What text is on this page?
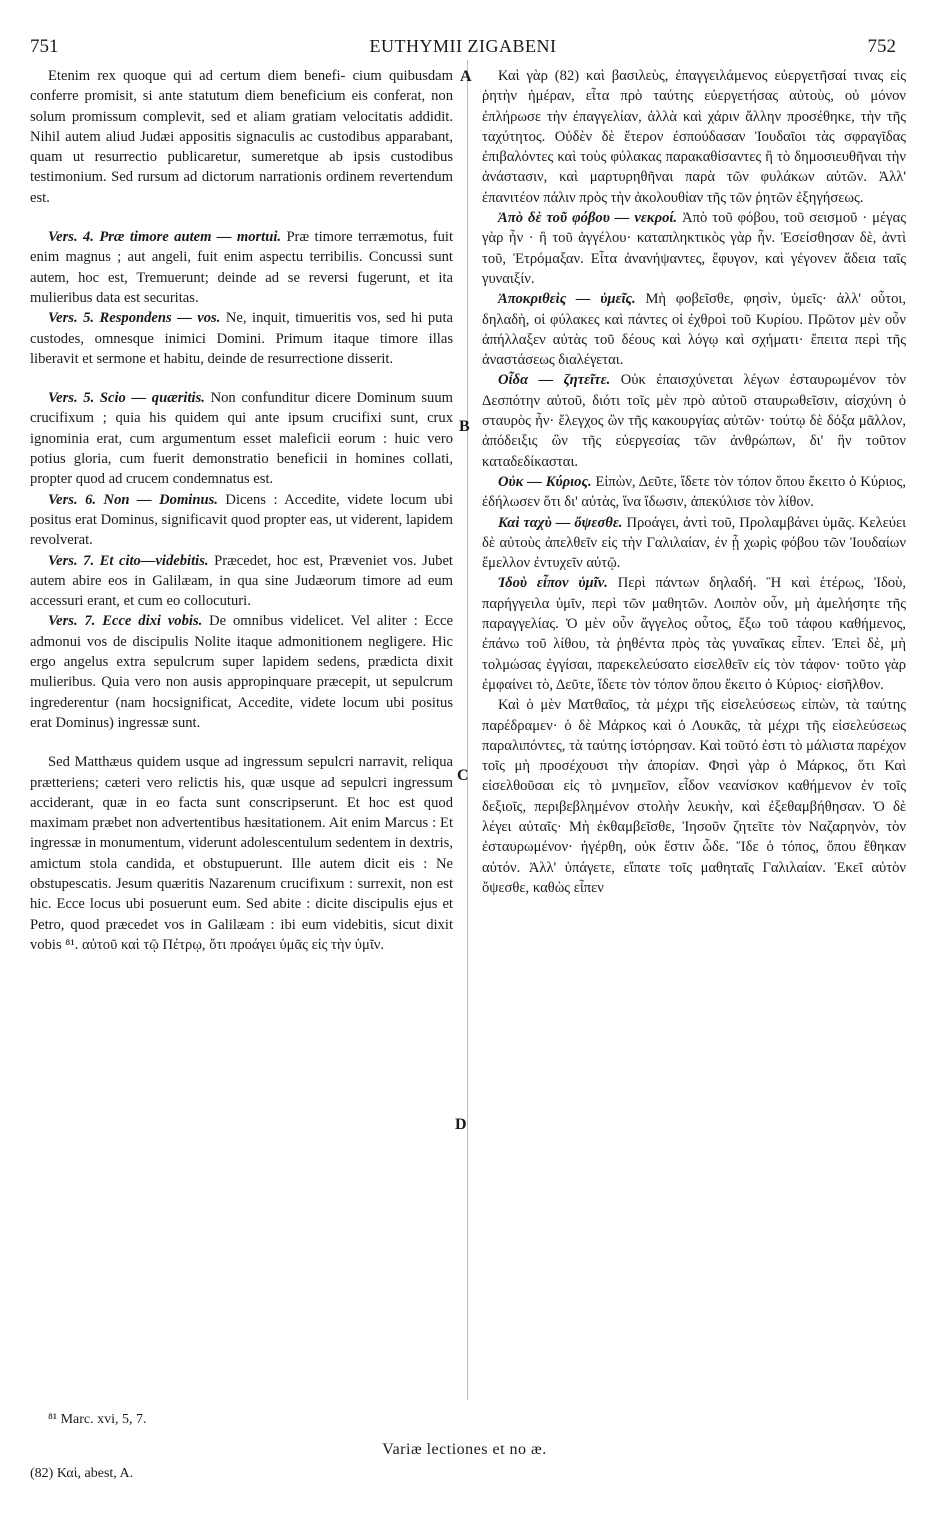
751	EUTHYMII ZIGABENI	752
A
B
C
D

Etenim rex quoque qui ad certum diem benefi- cium quibusdam conferre promisit, si ante statutum diem beneficium eis conferat, non solum promissum complevit, sed et aliam gratiam velocitatis addidit. Nihil autem aliud Judæi appositis signaculis ac custodibus apparabant, quam ut resurrectio publicaretur, sumeretque ab ipsis custodibus testimonium. Sed rursum ad dictorum narrationis ordinem revertendum est.

Vers. 4. Præ timore autem — mortui. Præ timore terræmotus, fuit enim magnus ; aut angeli, fuit enim aspectu terribilis. Concussi sunt autem, hoc est, Tremuerunt; deinde ad se reversi fugerunt, et ita mulieribus data est securitas.

Vers. 5. Respondens — vos. Ne, inquit, timueritis vos, sed hi puta custodes, omnesque inimici Domini. Primum itaque timore illas liberavit et sermone et habitu, deinde de resurrectione disserit.

Vers. 5. Scio — quæritis. Non confunditur dicere Dominum suum crucifixum ; quia his quidem qui ante ipsum crucifixi sunt, crux ignominia erat, cum argumentum esset maleficii eorum : huic vero potius gloria, cum fuerit demonstratio beneficii in homines collati, propter quod ad crucem condemnatus est.

Vers. 6. Non — Dominus. Dicens : Accedite, videte locum ubi positus erat Dominus, significavit quod propter eas, ut viderent, lapidem revolverat.

Vers. 7. Et cito—videbitis. Præcedet, hoc est, Præveniet vos. Jubet autem abire eos in Galilæam, in qua sine Judæorum timore ad eum accessuri erant, et cum eo collocuturi.

Vers. 7. Ecce dixi vobis. De omnibus videlicet. Vel aliter : Ecce admonui vos de discipulis Nolite itaque admonitionem negligere. Hic ergo angelus extra sepulcrum super lapidem sedens, prædicta dixit mulieribus. Quia vero non ausis appropinquare præcepit, ut sepulcrum ingrederentur (nam hocsignificat, Accedite, videte locum ubi positus erat Dominus) ingressæ sunt.

Sed Matthæus quidem usque ad ingressum sepulcri narravit, reliqua prætteriens; cæteri vero relictis his, quæ usque ad sepulcri ingressum acciderant, quæ in eo facta sunt conscripserunt. Et hoc est quod maximam præbet non advertentibus hæsitationem. Ait enim Marcus : Et ingressæ in monumentum, viderunt adolescentulum sedentem in dextris, amictum stola candida, et obstupuerunt. Ille autem dicit eis : Ne obstupescatis. Jesum quæritis Nazarenum crucifixum : surrexit, non est hic. Ecce locus ubi posuerunt eum. Sed abite : dicite discipulis ejus et Petro, quod præcedet vos in Galilæam : ibi eum videbitis, sicut dixit vobis ⁸¹. αὐτοῦ καὶ τῷ Πέτρῳ, ὅτι προάγει ὑμᾶς εἰς τὴν ὑμῖν.

Καὶ γὰρ (82) καὶ βασιλεὺς, ἐπαγγειλάμενος εὐεργετῆσαί τινας εἰς ῥητὴν ἡμέραν, εἶτα πρὸ ταύτης εὐεργετήσας αὐτοὺς, οὐ μόνον ἐπλήρωσε τὴν ἐπαγγελίαν, ἀλλὰ καὶ χάριν ἄλλην προσέθηκε, τὴν τῆς ταχύτητος. Οὐδὲν δὲ ἕτερον ἐσπούδασαν Ἰουδαῖοι τὰς σφραγῖδας ἐπιβαλόντες καὶ τοὺς φύλακας παρακαθίσαντες ἢ τὸ δημοσιευθῆναι τὴν ἀνάστασιν, καὶ μαρτυρηθῆναι παρὰ τῶν φυλάκων αὐτῶν. Ἀλλ' ἐπανιτέον πάλιν πρὸς τὴν ἀκολουθίαν τῆς τῶν ῥητῶν ἐξηγήσεως.

Ἀπὸ δὲ τοῦ φόβου — νεκροί. Ἀπὸ τοῦ φόβου, τοῦ σεισμοῦ · μέγας γὰρ ἦν · ἢ τοῦ ἀγγέλου· καταπληκτικὸς γὰρ ἦν. Ἐσείσθησαν δὲ, ἀντὶ τοῦ, Ἐτρόμαξαν. Εἶτα ἀνανήψαντες, ἔφυγον, καὶ γέγονεν ἄδεια ταῖς γυναιξίν.

Ἀποκριθεὶς — ὑμεῖς. Μὴ φοβεῖσθε, φησὶν, ὑμεῖς· ἀλλ' οὗτοι, δηλαδὴ, οἱ φύλακες καὶ πάντες οἱ ἐχθροὶ τοῦ Κυρίου. Πρῶτον μὲν οὖν ἀπήλλαξεν αὐτὰς τοῦ δέους καὶ λόγῳ καὶ σχήματι· ἔπειτα περὶ τῆς ἀναστάσεως διαλέγεται.

Οἶδα — ζητεῖτε. Οὐκ ἐπαισχύνεται λέγων ἐσταυρωμένον τὸν Δεσπότην αὐτοῦ, διότι τοῖς μὲν πρὸ αὐτοῦ σταυρωθεῖσιν, αἰσχύνη ὁ σταυρὸς ἦν· ἔλεγχος ὢν τῆς κακουργίας αὐτῶν· τούτῳ δὲ δόξα μᾶλλον, ἀπόδειξις ὢν τῆς εὐεργεσίας τῶν ἀνθρώπων, δι' ἣν τοῦτον καταδεδίκασται.

Οὐκ — Κύριος. Εἰπὼν, Δεῦτε, ἴδετε τὸν τόπον ὅπου ἔκειτο ὁ Κύριος, ἐδήλωσεν ὅτι δι' αὐτὰς, ἵνα ἴδωσιν, ἀπεκύλισε τὸν λίθον.

Καὶ ταχὺ — ὄψεσθε. Προάγει, ἀντὶ τοῦ, Προλαμβάνει ὑμᾶς. Κελεύει δὲ αὐτοὺς ἀπελθεῖν εἰς τὴν Γαλιλαίαν, ἐν ᾗ χωρὶς φόβου τῶν Ἰουδαίων ἔμελλον ἐντυχεῖν αὐτῷ.

Ἰδοὺ εἶπον ὑμῖν. Περὶ πάντων δηλαδή. Ἢ καὶ ἑτέρως, Ἰδοὺ, παρήγγειλα ὑμῖν, περὶ τῶν μαθητῶν. Λοιπὸν οὖν, μὴ ἀμελήσητε τῆς παραγγελίας. Ὁ μὲν οὖν ἄγγελος οὗτος, ἔξω τοῦ τάφου καθήμενος, ἐπάνω τοῦ λίθου, τὰ ῥηθέντα πρὸς τὰς γυναῖκας εἶπεν. Ἐπεὶ δὲ, μὴ τολμώσας ἐγγίσαι, παρεκελεύσατο εἰσελθεῖν εἰς τὸν τάφον· τοῦτο γὰρ ἐμφαίνει τὸ, Δεῦτε, ἴδετε τὸν τόπον ὅπου ἔκειτο ὁ Κύριος· εἰσῆλθον.

Καὶ ὁ μὲν Ματθαῖος, τὰ μέχρι τῆς εἰσελεύσεως εἰπὼν, τὰ ταύτης παρέδραμεν· ὁ δὲ Μάρκος καὶ ὁ Λουκᾶς, τὰ μέχρι τῆς εἰσελεύσεως παραλιπόντες, τὰ ταύτης ἱστόρησαν. Καὶ τοῦτό ἐστι τὸ μάλιστα παρέχον τοῖς μὴ προσέχουσι τὴν ἀπορίαν. Φησὶ γὰρ ὁ Μάρκος, ὅτι Καὶ εἰσελθοῦσαι εἰς τὸ μνημεῖον, εἶδον νεανίσκον καθήμενον ἐν τοῖς δεξιοῖς, περιβεβλημένον στολὴν λευκὴν, καὶ ἐξεθαμβήθησαν. Ὁ δὲ λέγει αὐταῖς· Μὴ ἐκθαμβεῖσθε, Ἰησοῦν ζητεῖτε τὸν Ναζαρηνὸν, τὸν ἐσταυρωμένον· ἠγέρθη, οὐκ ἔστιν ὧδε. Ἴδε ὁ τόπος, ὅπου ἔθηκαν αὐτόν. Ἀλλ' ὑπάγετε, εἴπατε τοῖς μαθηταῖς Γαλιλαίαν. Ἐκεῖ αὐτὸν ὄψεσθε, καθὼς εἶπεν

⁸¹ Marc. xvi, 5, 7.
Variæ lectiones et no æ.
(82) Καὶ, abest, A.
